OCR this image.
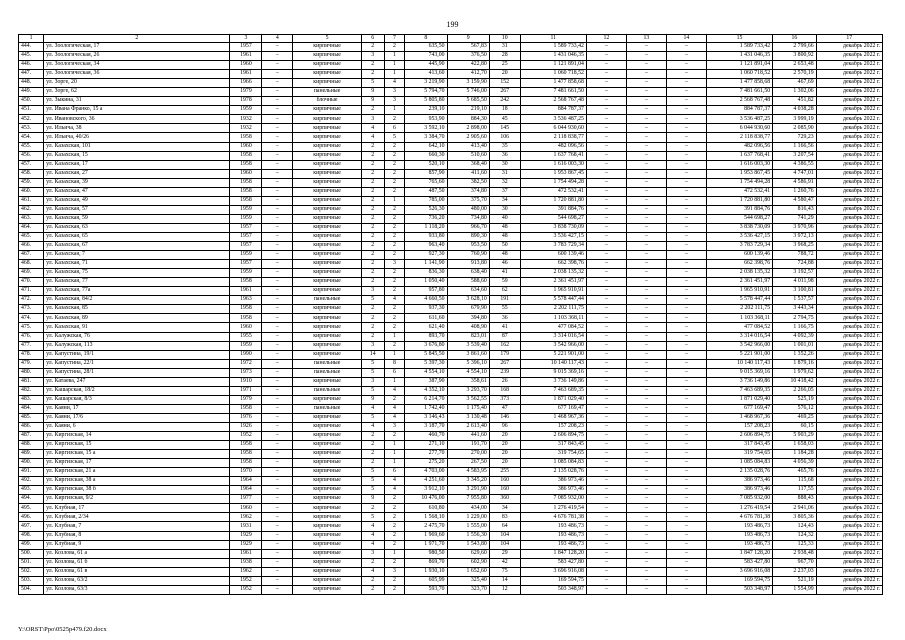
199
1	2	3	4	5	6	7	8	9	10	11	12	13	14	15	16	17
444.	ул. Зоологическая, 17	1957	–	кирпичные	2	2	635,50	567,83	31	1 589 733,42	–	–	–	1 589 733,42	2 799,66	декабрь 2022 г.
445.	ул. Зоологическая, 26	1961	–	кирпичные	3	1	743,00	376,50	28	1 431 046,35	–	–	–	1 431 046,35	3 800,92	декабрь 2022 г.
446.	ул. Зоологическая, 34	1960	–	кирпичные	2	1	445,90	422,80	25	1 121 891,04	–	–	–	1 121 891,04	2 653,48	декабрь 2022 г.
447.	ул. Зоологическая, 36	1961	–	кирпичные	2	1	413,60	412,70	20	1 060 718,52	–	–	–	1 060 718,52	2 570,19	декабрь 2022 г.
448.	ул. Зорге, 20	1966	–	кирпичные	5	4	3 219,90	3 159,90	152	1 477 858,68	–	–	–	1 477 858,68	467,69	декабрь 2022 г.
449.	ул. Зорге, 62	1979	–	панельные	9	3	5 794,70	5 746,00	267	7 481 661,50	–	–	–	7 481 661,50	1 302,06	декабрь 2022 г.
450.	ул. Зыкина, 31	1978	–	блочные	9	3	5 805,80	5 685,50	242	2 568 767,48	–	–	–	2 568 767,48	451,82	декабрь 2022 г.
451.	ул. Ивана Франко, 15 а	1959	–	кирпичные	2	1	239,10	219,10	18	884 787,37	–	–	–	884 787,37	4 038,28	декабрь 2022 г.
452.	ул. Ивановского, 36	1932	–	кирпичные	3	2	953,90	884,30	45	3 536 487,25	–	–	–	3 536 487,25	3 999,19	декабрь 2022 г.
453.	ул. Ильича, 38	1932	–	кирпичные	4	6	3 592,10	2 898,00	145	6 044 930,60	–	–	–	6 044 930,60	2 085,90	декабрь 2022 г.
454.	ул. Ильича, 40/26	1958	–	кирпичные	4	5	3 384,70	2 905,60	106	2 118 838,77	–	–	–	2 118 838,77	729,23	декабрь 2022 г.
455.	ул. Казахская, 101	1960	–	кирпичные	2	2	642,10	413,40	35	482 096,56	–	–	–	482 096,56	1 166,56	декабрь 2022 г.
456.	ул. Казахская, 15	1958	–	кирпичные	2	2	660,30	510,60	36	1 637 768,41	–	–	–	1 637 768,41	3 207,54	декабрь 2022 г.
457.	ул. Казахская, 17	1958	–	кирпичные	2	2	520,10	368,40	30	1 616 003,30	–	–	–	1 616 003,30	4 386,55	декабрь 2022 г.
458.	ул. Казахская, 27	1960	–	кирпичные	2	2	857,90	411,60	31	1 953 867,45	–	–	–	1 953 867,45	4 747,01	декабрь 2022 г.
459.	ул. Казахская, 39	1958	–	кирпичные	2	2	765,60	382,50	32	1 754 494,28	–	–	–	1 754 494,28	4 586,91	декабрь 2022 г.
460.	ул. Казахская, 47	1958	–	кирпичные	2	2	487,50	374,80	37	472 532,41	–	–	–	472 532,41	1 260,76	декабрь 2022 г.
461.	ул. Казахская, 49	1958	–	кирпичные	2	1	785,00	375,70	34	1 720 881,80	–	–	–	1 720 881,80	4 580,47	декабрь 2022 г.
462.	ул. Казахская, 57	1959	–	кирпичные	2	2	526,30	480,00	30	391 884,76	–	–	–	391 884,76	816,43	декабрь 2022 г.
463.	ул. Казахская, 59	1959	–	кирпичные	2	2	736,20	734,80	40	544 698,27	–	–	–	544 698,27	741,29	декабрь 2022 г.
464.	ул. Казахская, 63	1957	–	кирпичные	2	2	1 118,20	966,70	48	3 838 730,09	–	–	–	3 838 730,09	3 970,96	декабрь 2022 г.
465.	ул. Казахская, 65	1957	–	кирпичные	2	2	933,80	890,30	48	3 536 427,15	–	–	–	3 536 427,15	3 972,13	декабрь 2022 г.
466.	ул. Казахская, 67	1957	–	кирпичные	2	2	963,40	953,50	50	3 783 729,34	–	–	–	3 783 729,34	3 968,25	декабрь 2022 г.
467.	ул. Казахская, 7	1959	–	кирпичные	2	2	927,30	760,90	48	600 139,46	–	–	–	600 139,46	788,72	декабрь 2022 г.
468.	ул. Казахская, 71	1957	–	кирпичные	2	3	1 141,90	913,80	46	662 398,76	–	–	–	662 398,76	724,88	декабрь 2022 г.
469.	ул. Казахская, 75	1959	–	кирпичные	2	2	836,30	638,40	41	2 038 135,32	–	–	–	2 038 135,32	3 192,57	декабрь 2022 г.
470.	ул. Казахская, 77	1958	–	кирпичные	2	2	1 050,40	588,60	59	2 361 451,97	–	–	–	2 361 451,97	4 011,98	декабрь 2022 г.
471.	ул. Казахская, 77а	1961	–	кирпичные	3	2	957,80	634,60	62	1 965 910,91	–	–	–	1 965 910,91	3 100,81	декабрь 2022 г.
472.	ул. Казахская, 84/2	1963	–	панельные	5	4	4 660,50	3 628,10	191	5 578 447,44	–	–	–	5 578 447,44	1 537,57	декабрь 2022 г.
473.	ул. Казахская, 85	1958	–	кирпичные	2	2	937,30	679,90	55	2 202 111,75	–	–	–	2 202 111,75	3 443,34	декабрь 2022 г.
474.	ул. Казахская, 89	1958	–	кирпичные	2	2	611,60	394,80	36	1 103 368,11	–	–	–	1 103 368,11	2 794,75	декабрь 2022 г.
475.	ул. Казахская, 91	1960	–	кирпичные	2	2	621,40	408,90	41	477 084,52	–	–	–	477 084,52	1 166,75	декабрь 2022 г.
476.	ул. Калужская, 76	1955	–	кирпичные	2	1	893,70	823,01	87	3 314 016,54	–	–	–	3 314 016,54	4 092,39	декабрь 2022 г.
477.	ул. Калужская, 113	1959	–	кирпичные	3	2	3 676,80	3 539,40	162	3 542 966,00	–	–	–	3 542 966,00	1 001,01	декабрь 2022 г.
478.	ул. Капустина, 19/1	1990	–	кирпичные	14	1	5 845,50	3 861,60	179	5 221 901,00	–	–	–	5 221 901,00	1 352,26	декабрь 2022 г.
479.	ул. Капустина, 22/1	1972	–	панельные	5	8	5 397,30	5 396,10	267	10 140 117,43	–	–	–	10 140 117,43	1 879,16	декабрь 2022 г.
480.	ул. Капустина, 28/1	1973	–	панельные	5	6	4 554,10	4 554,10	239	9 015 369,16	–	–	–	9 015 369,16	1 979,62	декабрь 2022 г.
481.	ул. Катаева, 247	1910	–	кирпичные	3	1	387,90	358,61	26	3 736 149,86	–	–	–	3 736 149,86	10 418,42	декабрь 2022 г.
482.	ул. Кашарская, 18/2	1971	–	панельные	5	4	4 352,10	3 293,70	168	7 463 689,35	–	–	–	7 463 689,35	2 266,05	декабрь 2022 г.
483.	ул. Кашарская, 8/3	1979	–	кирпичные	9	2	6 214,70	3 562,55	373	1 871 029,40	–	–	–	1 871 029,40	525,19	декабрь 2022 г.
484.	ул. Каяни, 17	1958	–	панельные	4	4	1 742,40	1 175,40	47	677 169,47	–	–	–	677 169,47	576,12	декабрь 2022 г.
485.	ул. Каяни, 17/6	1976	–	кирпичные	5	4	3 146,43	3 130,48	146	1 468 967,36	–	–	–	1 468 967,36	469,25	декабрь 2022 г.
486.	ул. Каяни, 6	1926	–	кирпичные	4	3	3 187,70	2 613,40	96	157 208,23	–	–	–	157 208,23	60,15	декабрь 2022 г.
487.	ул. Киргизская, 14	1952	–	кирпичные	2	2	460,70	441,60	20	2 606 894,75	–	–	–	2 606 894,75	5 903,29	декабрь 2022 г.
488.	ул. Киргизская, 15	1958	–	кирпичные	2	1	271,10	191,70	20	317 843,45	–	–	–	317 843,45	1 658,03	декабрь 2022 г.
489.	ул. Киргизская, 15 а	1958	–	кирпичные	2	1	277,70	270,00	20	319 754,65	–	–	–	319 754,65	1 184,28	декабрь 2022 г.
490.	ул. Киргизская, 17	1958	–	кирпичные	2	1	275,20	267,50	20	1 085 084,83	–	–	–	1 085 084,83	4 056,39	декабрь 2022 г.
491.	ул. Киргизская, 21 а	1970	–	кирпичные	5	6	4 703,00	4 583,95	255	2 135 028,76	–	–	–	2 135 028,76	465,76	декабрь 2022 г.
492.	ул. Киргизская, 38 а	1964	–	кирпичные	5	4	4 251,60	3 345,20	160	386 973,46	–	–	–	386 973,46	115,68	декабрь 2022 г.
493.	ул. Киргизская, 38 б	1964	–	кирпичные	5	4	3 912,10	3 291,90	160	386 973,46	–	–	–	386 973,46	117,55	декабрь 2022 г.
494.	ул. Киргизская, 9/2	1977	–	кирпичные	9	2	10 476,00	7 955,80	360	7 085 932,00	–	–	–	7 085 932,00	888,43	декабрь 2022 г.
495.	ул. Клубная, 17	1960	–	кирпичные	2	2	610,80	434,00	34	1 276 419,54	–	–	–	1 276 419,54	2 941,06	декабрь 2022 г.
496.	ул. Клубная, 2/34	1962	–	кирпичные	5	2	1 568,10	1 229,00	83	4 676 781,38	–	–	–	4 676 781,38	3 805,36	декабрь 2022 г.
497.	ул. Клубная, 7	1931	–	кирпичные	4	2	2 475,70	1 555,00	64	193 486,73	–	–	–	193 486,73	124,43	декабрь 2022 г.
498.	ул. Клубная, 8	1929	–	кирпичные	4	2	1 969,60	1 556,30	104	193 486,73	–	–	–	193 486,73	124,32	декабрь 2022 г.
499.	ул. Клубная, 9	1929	–	кирпичные	4	2	1 971,70	1 543,80	104	193 486,73	–	–	–	193 486,73	125,33	декабрь 2022 г.
500.	ул. Козлова, 61 а	1961	–	кирпичные	3	1	980,50	629,60	29	1 847 128,20	–	–	–	1 847 128,20	2 938,48	декабрь 2022 г.
501.	ул. Козлова, 61 б	1938	–	кирпичные	2	2	869,70	602,90	42	583 427,80	–	–	–	583 427,80	967,70	декабрь 2022 г.
502.	ул. Козлова, 61 в	1962	–	кирпичные	4	3	1 930,10	1 652,60	75	3 696 916,08	–	–	–	3 696 916,08	2 237,03	декабрь 2022 г.
503.	ул. Козлова, 63/2	1952	–	кирпичные	2	2	605,99	325,40	14	169 594,75	–	–	–	169 594,75	521,19	декабрь 2022 г.
504.	ул. Козлова, 63/3	1952	–	кирпичные	2	2	593,70	323,70	12	503 348,97	–	–	–	503 348,97	1 554,99	декабрь 2022 г.
Y:\ORST\Ppo\0525p479.f20.docx
